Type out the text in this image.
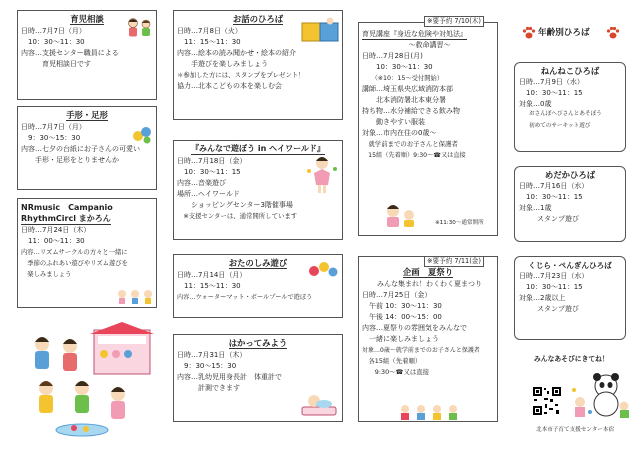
育児相談
日時…7月7日（月）
　10：30～11：30
内容…支援センター職員による
　　　育児相談日です
手形・足形
日時…7月7日（月）
　9：30～15：30
内容…七夕の台紙にお子さんの可愛い
　　手形・足形をとりませんか
NRmusic　Campanio
RhythmCircl まかろん
日時…7月24日（木）
　11：00～11：30
内容…リズムサークルの方々と一緒に
　季節のふれあい遊びやリズム遊びを
　楽しみましょう
お話のひろば
日時…7月8日（火）
　11：15～11：30
内容…絵本の読み聞かせ・絵本の紹介
　　手遊びを楽しみましょう
＊参加した方には、スタンプをプレゼント！
協力…北本こどもの本を楽しむ会
『みんなで遊ぼう in ヘイワールド』
日時…7月18日（金）
　10：30～11：15
内容…音楽遊び
場所…ヘイワールド
　　ショッピングセンター3階催事場
　※支援センターは、通常開所しています
おたのしみ遊び
日時…7月14日（月）
　11：15～11：30
内容…ウォーターマット・ボールプールで遊ぼう
はかってみよう
日時…7月31日（木）
　9：30～15：30
内容…乳幼児用身長計　体重計で
　　　計測できます
育児講座『身近な危険や対処法』
～救命講習～
日時…7月28日(月)
　　10：30～11：30
　　（※10：15～受付開始）
講師…埼玉県央広域消防本部
　　北本消防署北本東分署
持ち物…水分補給できる飲み物
　　動きやすい服装
対象…市内在住の0歳～
　就学前までのお子さんと保護者
　15組（先着順）9:30～☎又は直接
※11:30～通常開所
※要予約 7/10(木)
企画　夏祭り
みんな集まれ！わくわく夏まつり
日時…7月25日（金）
　午前 10：30～11：30
　午後 14：00～15：00
内容…夏祭りの雰囲気をみんなで
　一緒に楽しみましょう
対象…0歳～就学前までのお子さんと保護者
　各15組（先着順）
　　9:30～☎又は直接
※要予約 7/11(金)
年齢別ひろば
ねんねこひろば
日時…7月9日（水）
　10：30～11：15
対象…0歳
おさんぽへびさんとあそぼう
初めてのサーキット遊び
めだかひろば
日時…7月16日（水）
　10：30～11：15
対象…1歳
スタンプ遊び
くじら・ぺんぎんひろば
日時…7月23日（水）
　10：30～11：15
対象…2歳以上
スタンプ遊び
みんなあそびにきてね！
北本市子育て支援センター本宿
